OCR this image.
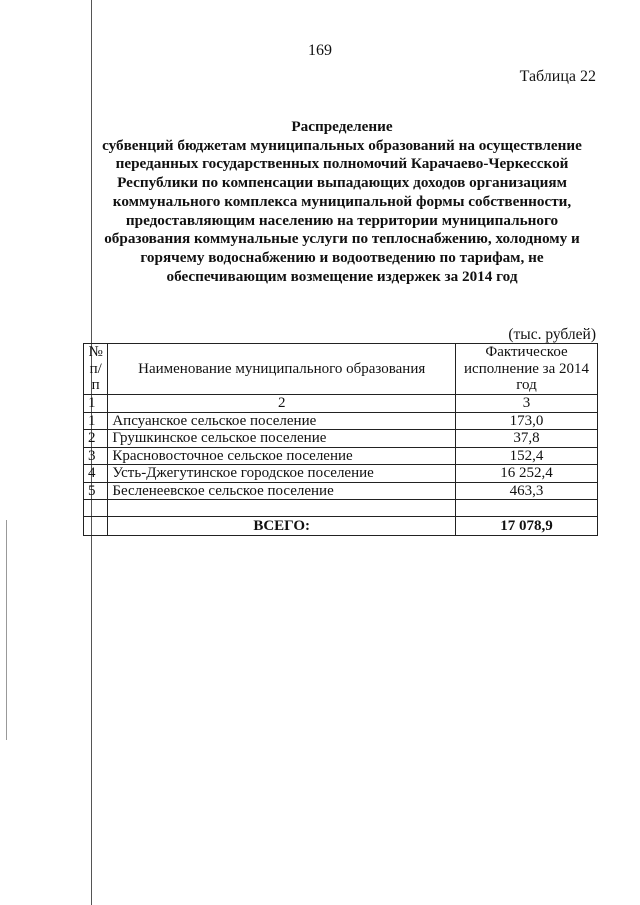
169
Таблица 22
Распределение
субвенций бюджетам муниципальных образований на осуществление переданных государственных полномочий Карачаево-Черкесской Республики по компенсации выпадающих доходов организациям коммунального комплекса муниципальной формы собственности, предоставляющим населению на территории муниципального образования коммунальные услуги по теплоснабжению, холодному и горячему водоснабжению и водоотведению по тарифам, не обеспечивающим возмещение издержек за 2014 год
(тыс. рублей)
№ п/п	Наименование муниципального образования	Фактическое исполнение за 2014 год
1	2	3
1	Апсуанское сельское поселение	173,0
2	Грушкинское сельское поселение	37,8
3	Красновосточное сельское поселение	152,4
4	Усть-Джегутинское городское поселение	16 252,4
5	Бесленеевское сельское поселение	463,3

	ВСЕГО:	17 078,9
